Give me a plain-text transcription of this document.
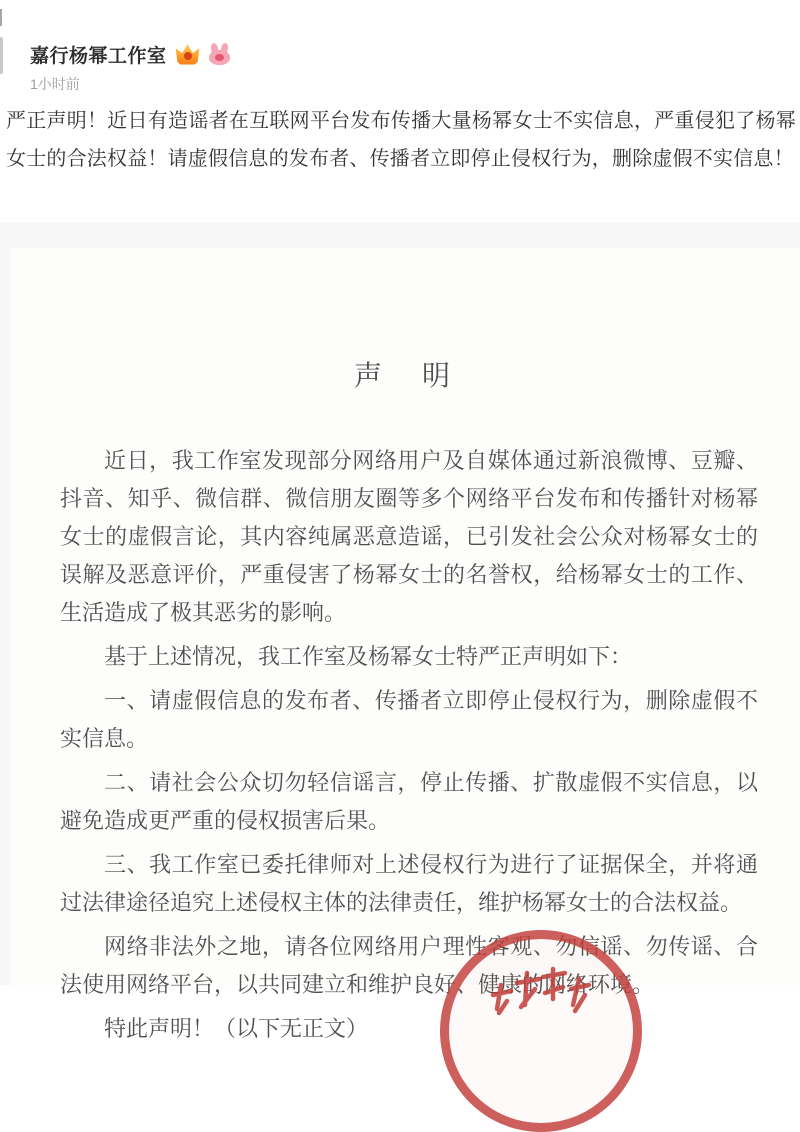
嘉行杨幂工作室
1小时前
严正声明！近日有造谣者在互联网平台发布传播大量杨幂女士不实信息，严重侵犯了杨幂女士的合法权益！请虚假信息的发布者、传播者立即停止侵权行为，删除虚假不实信息！
声　明

近日，我工作室发现部分网络用户及自媒体通过新浪微博、豆瓣、抖音、知乎、微信群、微信朋友圈等多个网络平台发布和传播针对杨幂女士的虚假言论，其内容纯属恶意造谣，已引发社会公众对杨幂女士的误解及恶意评价，严重侵害了杨幂女士的名誉权，给杨幂女士的工作、生活造成了极其恶劣的影响。

基于上述情况，我工作室及杨幂女士特严正声明如下：

一、请虚假信息的发布者、传播者立即停止侵权行为，删除虚假不实信息。

二、请社会公众切勿轻信谣言，停止传播、扩散虚假不实信息，以避免造成更严重的侵权损害后果。

三、我工作室已委托律师对上述侵权行为进行了证据保全，并将通过法律途径追究上述侵权主体的法律责任，维护杨幂女士的合法权益。

网络非法外之地，请各位网络用户理性客观、勿信谣、勿传谣、合法使用网络平台，以共同建立和维护良好、健康的网络环境。

特此声明！（以下无正文）
